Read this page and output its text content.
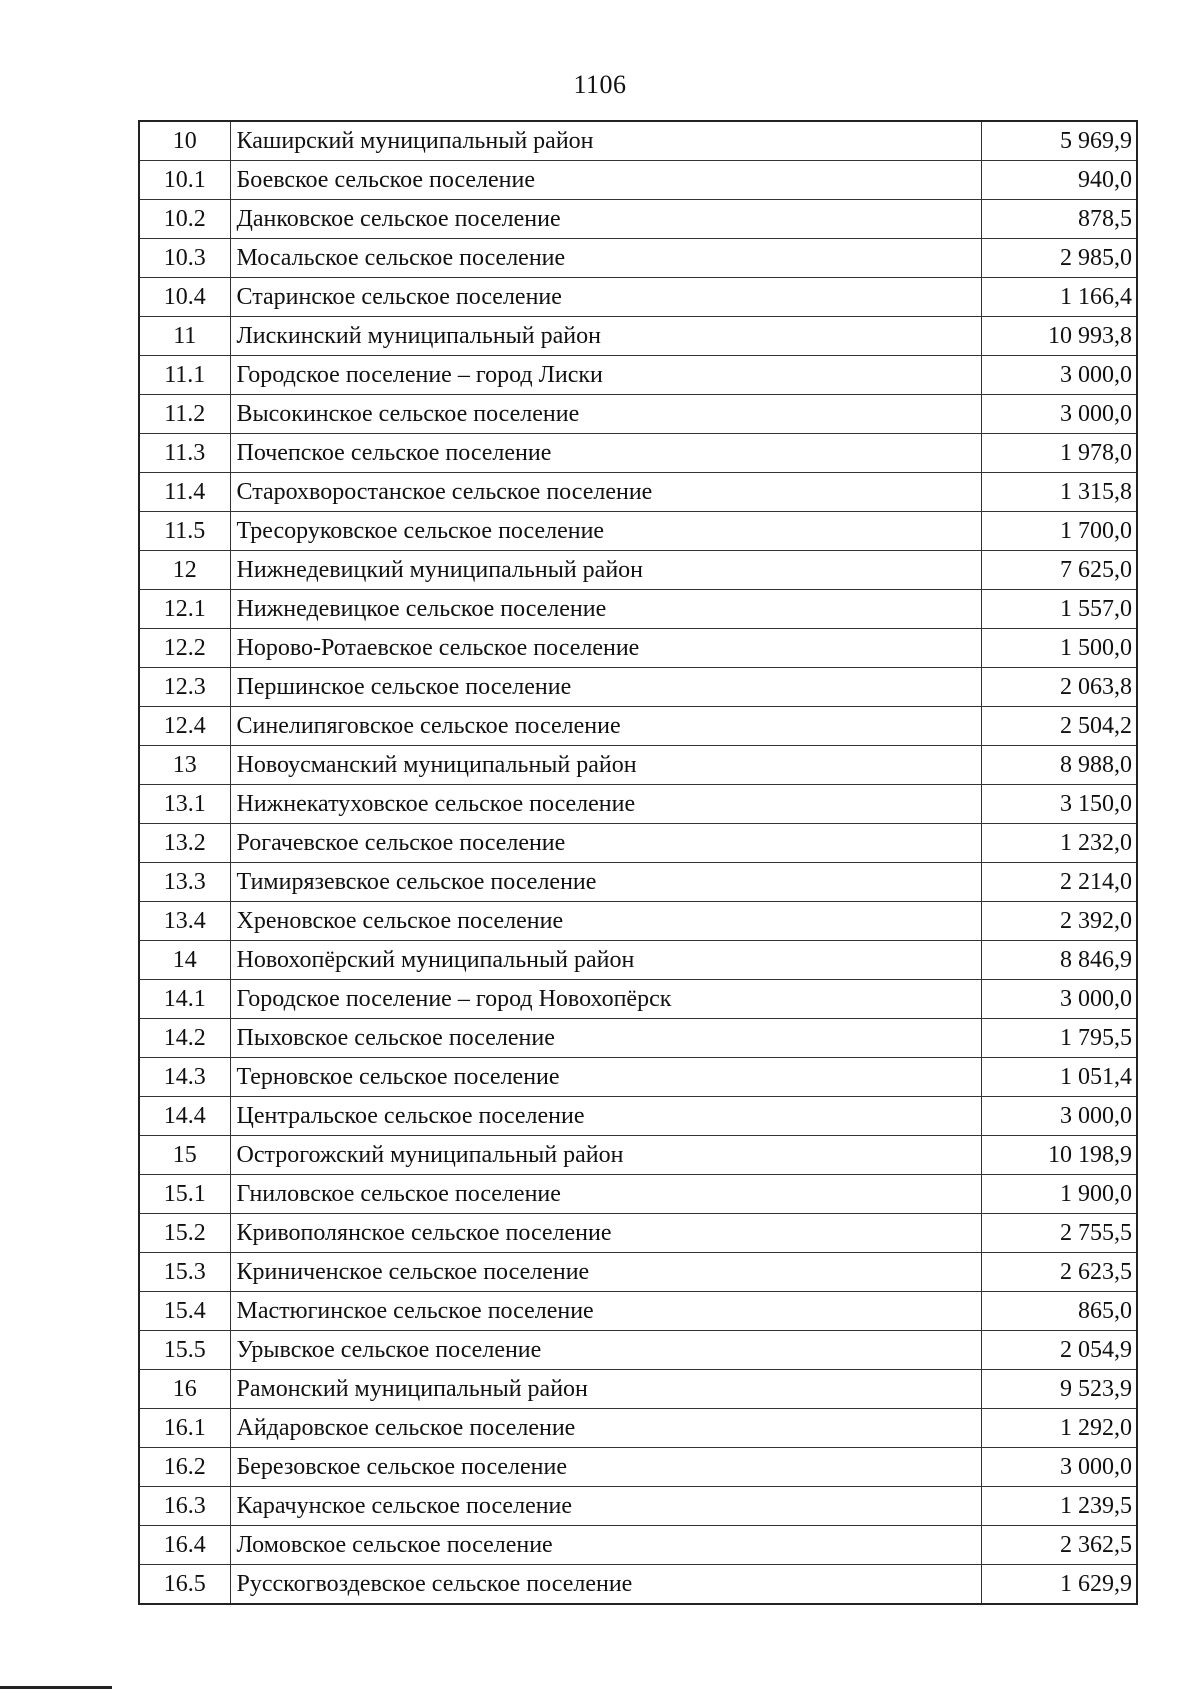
1106
10	Каширский муниципальный район	5 969,9
10.1	Боевское сельское поселение	940,0
10.2	Данковское сельское поселение	878,5
10.3	Мосальское сельское поселение	2 985,0
10.4	Старинское сельское поселение	1 166,4
11	Лискинский муниципальный район	10 993,8
11.1	Городское поселение – город Лиски	3 000,0
11.2	Высокинское сельское поселение	3 000,0
11.3	Почепское сельское поселение	1 978,0
11.4	Старохворостанское сельское поселение	1 315,8
11.5	Тресоруковское сельское поселение	1 700,0
12	Нижнедевицкий муниципальный район	7 625,0
12.1	Нижнедевицкое сельское поселение	1 557,0
12.2	Норово-Ротаевское сельское поселение	1 500,0
12.3	Першинское сельское поселение	2 063,8
12.4	Синелипяговское сельское поселение	2 504,2
13	Новоусманский муниципальный район	8 988,0
13.1	Нижнекатуховское сельское поселение	3 150,0
13.2	Рогачевское сельское поселение	1 232,0
13.3	Тимирязевское сельское поселение	2 214,0
13.4	Хреновское сельское поселение	2 392,0
14	Новохопёрский муниципальный район	8 846,9
14.1	Городское поселение – город Новохопёрск	3 000,0
14.2	Пыховское сельское поселение	1 795,5
14.3	Терновское сельское поселение	1 051,4
14.4	Центральское сельское поселение	3 000,0
15	Острогожский муниципальный район	10 198,9
15.1	Гниловское сельское поселение	1 900,0
15.2	Кривополянское сельское поселение	2 755,5
15.3	Криниченское сельское поселение	2 623,5
15.4	Мастюгинское сельское поселение	865,0
15.5	Урывское сельское поселение	2 054,9
16	Рамонский муниципальный район	9 523,9
16.1	Айдаровское сельское поселение	1 292,0
16.2	Березовское сельское поселение	3 000,0
16.3	Карачунское сельское поселение	1 239,5
16.4	Ломовское сельское поселение	2 362,5
16.5	Русскогвоздевское сельское поселение	1 629,9
